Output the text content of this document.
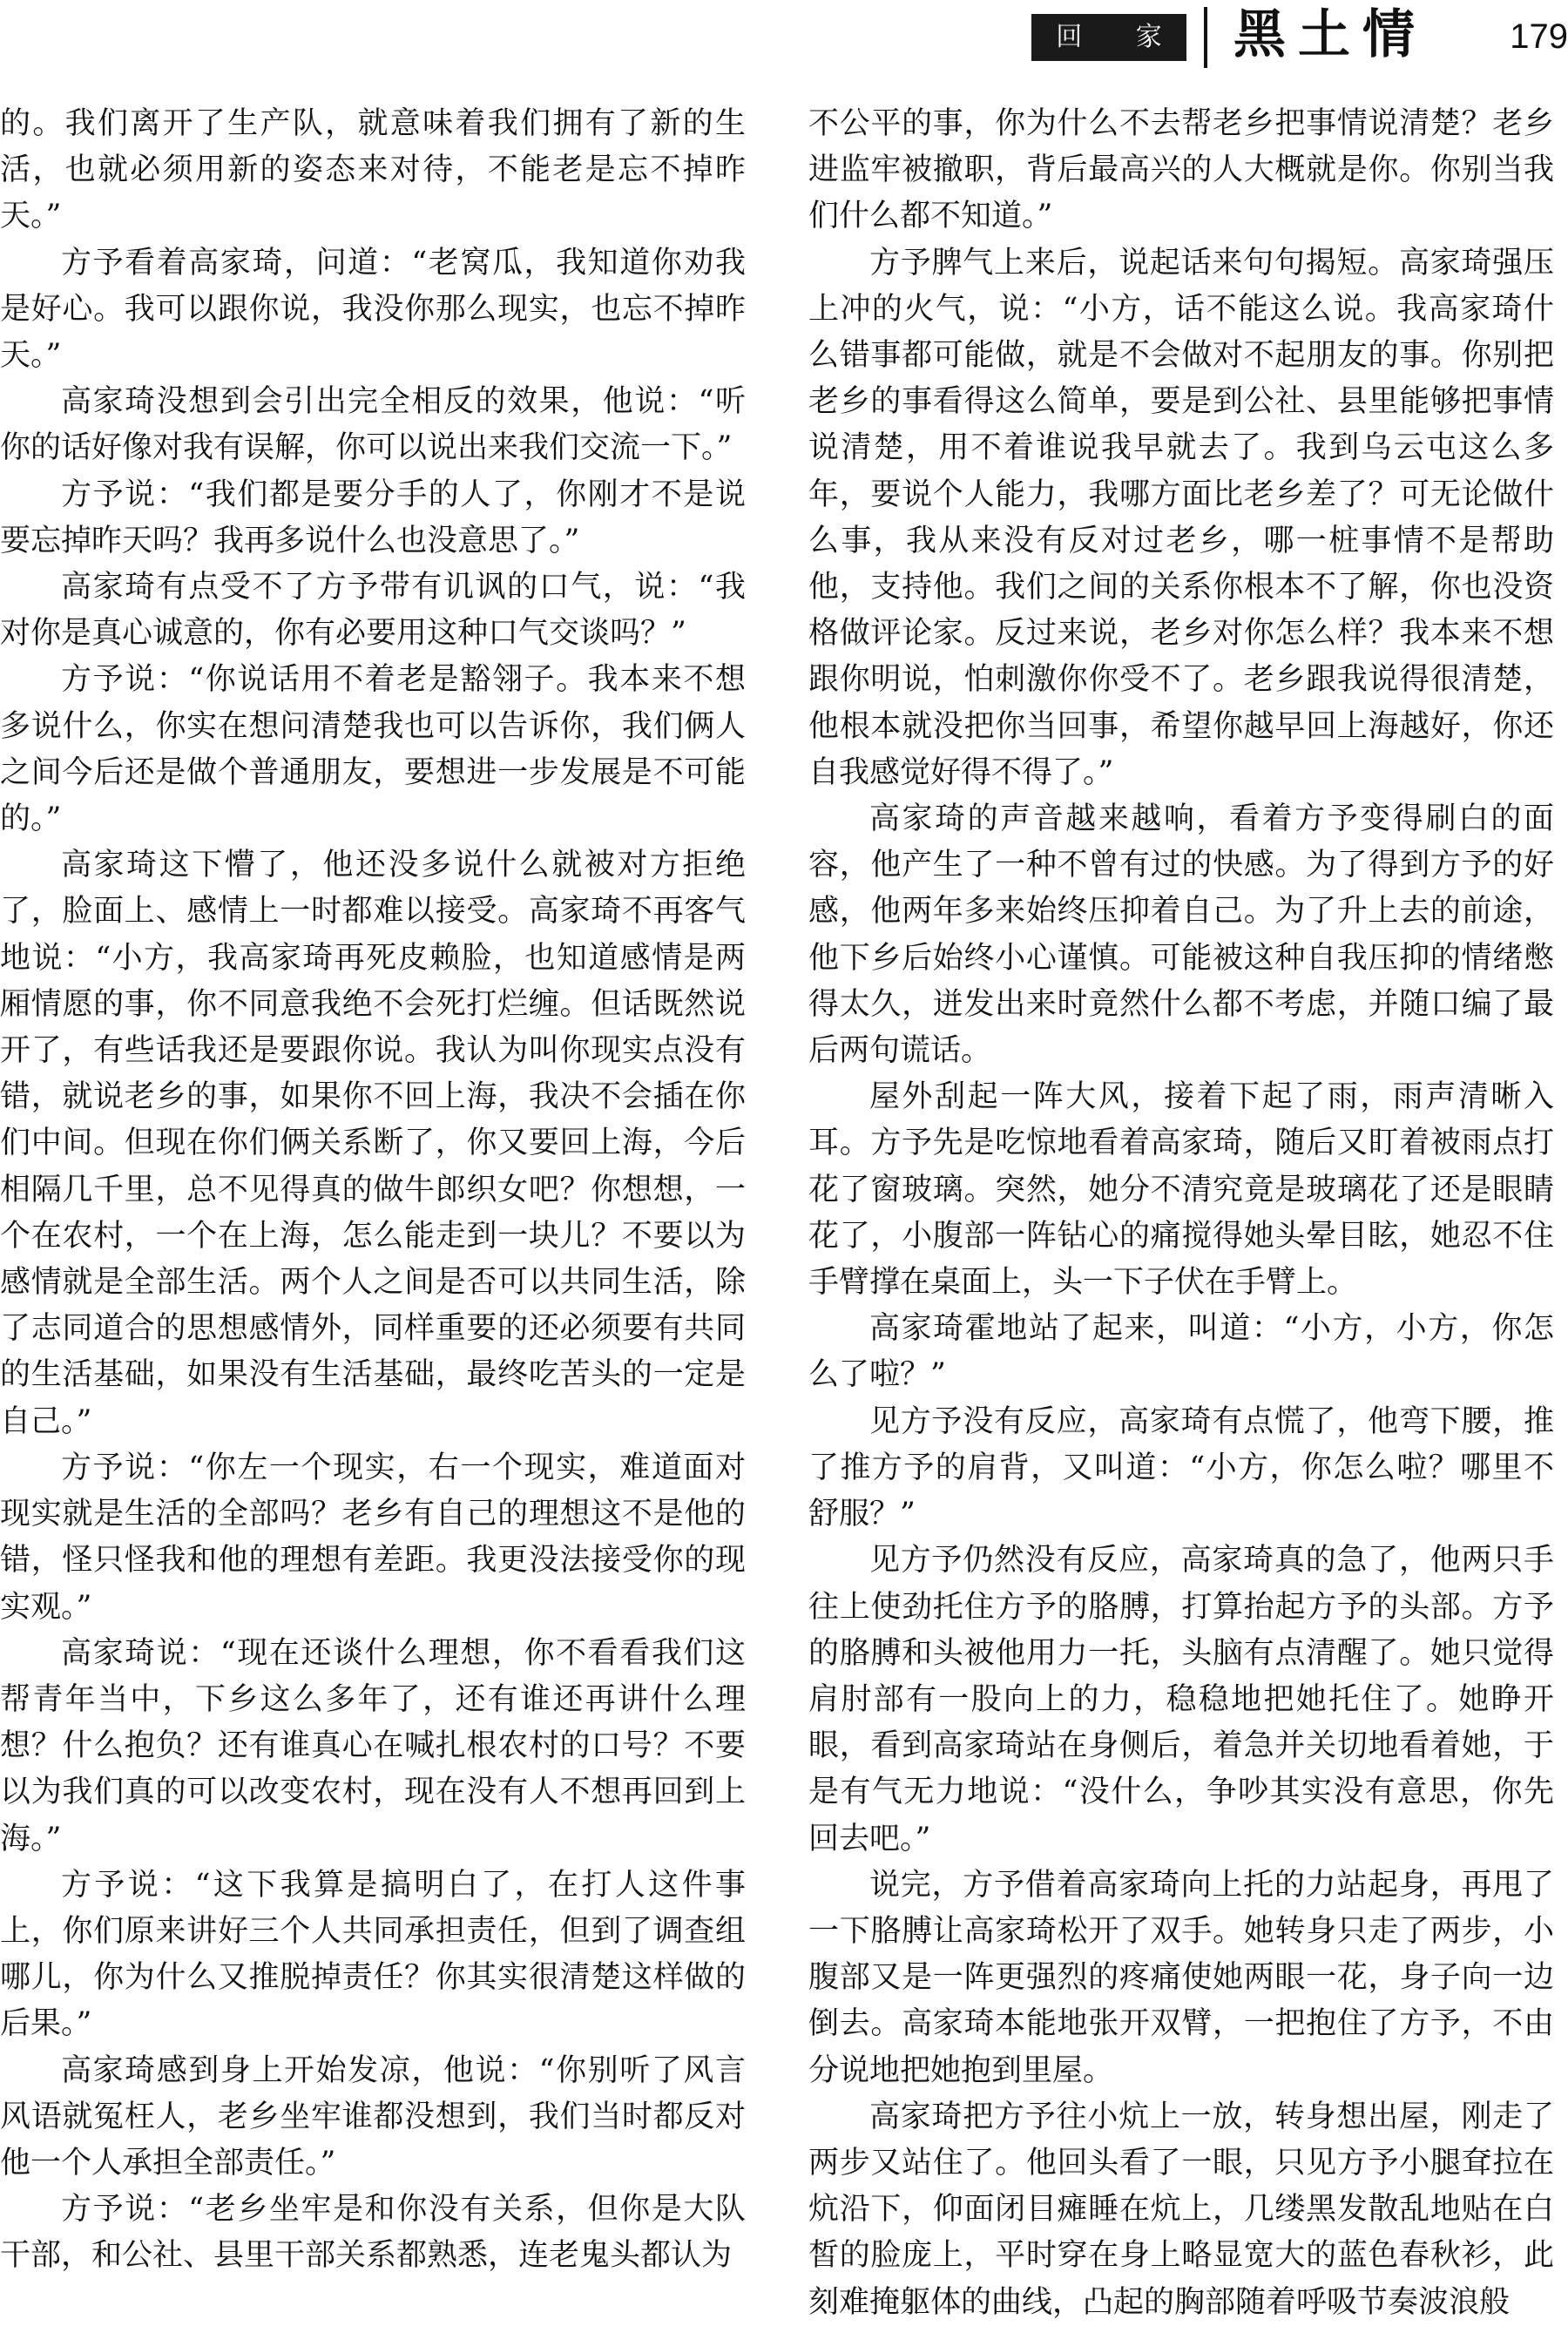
回 家 黑土情	179

的。我们离开了生产队，就意味着我们拥有了新的生活，也就必须用新的姿态来对待，不能老是忘不掉昨天。”

方予看着高家琦，问道：“老窝瓜，我知道你劝我是好心。我可以跟你说，我没你那么现实，也忘不掉昨天。”

高家琦没想到会引出完全相反的效果，他说：“听你的话好像对我有误解，你可以说出来我们交流一下。”

方予说：“我们都是要分手的人了，你刚才不是说要忘掉昨天吗？我再多说什么也没意思了。”

高家琦有点受不了方予带有讥讽的口气，说：“我对你是真心诚意的，你有必要用这种口气交谈吗？”

方予说：“你说话用不着老是豁翎子。我本来不想多说什么，你实在想问清楚我也可以告诉你，我们俩人之间今后还是做个普通朋友，要想进一步发展是不可能的。”

高家琦这下懵了，他还没多说什么就被对方拒绝了，脸面上、感情上一时都难以接受。高家琦不再客气地说：“小方，我高家琦再死皮赖脸，也知道感情是两厢情愿的事，你不同意我绝不会死打烂缠。但话既然说开了，有些话我还是要跟你说。我认为叫你现实点没有错，就说老乡的事，如果你不回上海，我决不会插在你们中间。但现在你们俩关系断了，你又要回上海，今后相隔几千里，总不见得真的做牛郎织女吧？你想想，一个在农村，一个在上海，怎么能走到一块儿？不要以为感情就是全部生活。两个人之间是否可以共同生活，除了志同道合的思想感情外，同样重要的还必须要有共同的生活基础，如果没有生活基础，最终吃苦头的一定是自己。”

方予说：“你左一个现实，右一个现实，难道面对现实就是生活的全部吗？老乡有自己的理想这不是他的错，怪只怪我和他的理想有差距。我更没法接受你的现实观。”

高家琦说：“现在还谈什么理想，你不看看我们这帮青年当中，下乡这么多年了，还有谁还再讲什么理想？什么抱负？还有谁真心在喊扎根农村的口号？不要以为我们真的可以改变农村，现在没有人不想再回到上海。”

方予说：“这下我算是搞明白了，在打人这件事上，你们原来讲好三个人共同承担责任，但到了调查组哪儿，你为什么又推脱掉责任？你其实很清楚这样做的后果。”

高家琦感到身上开始发凉，他说：“你别听了风言风语就冤枉人，老乡坐牢谁都没想到，我们当时都反对他一个人承担全部责任。”

方予说：“老乡坐牢是和你没有关系，但你是大队干部，和公社、县里干部关系都熟悉，连老鬼头都认为

不公平的事，你为什么不去帮老乡把事情说清楚？老乡进监牢被撤职，背后最高兴的人大概就是你。你别当我们什么都不知道。”

方予脾气上来后，说起话来句句揭短。高家琦强压上冲的火气，说：“小方，话不能这么说。我高家琦什么错事都可能做，就是不会做对不起朋友的事。你别把老乡的事看得这么简单，要是到公社、县里能够把事情说清楚，用不着谁说我早就去了。我到乌云屯这么多年，要说个人能力，我哪方面比老乡差了？可无论做什么事，我从来没有反对过老乡，哪一桩事情不是帮助他，支持他。我们之间的关系你根本不了解，你也没资格做评论家。反过来说，老乡对你怎么样？我本来不想跟你明说，怕刺激你你受不了。老乡跟我说得很清楚，他根本就没把你当回事，希望你越早回上海越好，你还自我感觉好得不得了。”

高家琦的声音越来越响，看着方予变得刷白的面容，他产生了一种不曾有过的快感。为了得到方予的好感，他两年多来始终压抑着自己。为了升上去的前途，他下乡后始终小心谨慎。可能被这种自我压抑的情绪憋得太久，迸发出来时竟然什么都不考虑，并随口编了最后两句谎话。

屋外刮起一阵大风，接着下起了雨，雨声清晰入耳。方予先是吃惊地看着高家琦，随后又盯着被雨点打花了窗玻璃。突然，她分不清究竟是玻璃花了还是眼睛花了，小腹部一阵钻心的痛搅得她头晕目眩，她忍不住手臂撑在桌面上，头一下子伏在手臂上。

高家琦霍地站了起来，叫道：“小方，小方，你怎么了啦？”

见方予没有反应，高家琦有点慌了，他弯下腰，推了推方予的肩背，又叫道：“小方，你怎么啦？哪里不舒服？”

见方予仍然没有反应，高家琦真的急了，他两只手往上使劲托住方予的胳膊，打算抬起方予的头部。方予的胳膊和头被他用力一托，头脑有点清醒了。她只觉得肩肘部有一股向上的力，稳稳地把她托住了。她睁开眼，看到高家琦站在身侧后，着急并关切地看着她，于是有气无力地说：“没什么，争吵其实没有意思，你先回去吧。”

说完，方予借着高家琦向上托的力站起身，再甩了一下胳膊让高家琦松开了双手。她转身只走了两步，小腹部又是一阵更强烈的疼痛使她两眼一花，身子向一边倒去。高家琦本能地张开双臂，一把抱住了方予，不由分说地把她抱到里屋。

高家琦把方予往小炕上一放，转身想出屋，刚走了两步又站住了。他回头看了一眼，只见方予小腿耷拉在炕沿下，仰面闭目瘫睡在炕上，几缕黑发散乱地贴在白皙的脸庞上，平时穿在身上略显宽大的蓝色春秋衫，此刻难掩躯体的曲线，凸起的胸部随着呼吸节奏波浪般
